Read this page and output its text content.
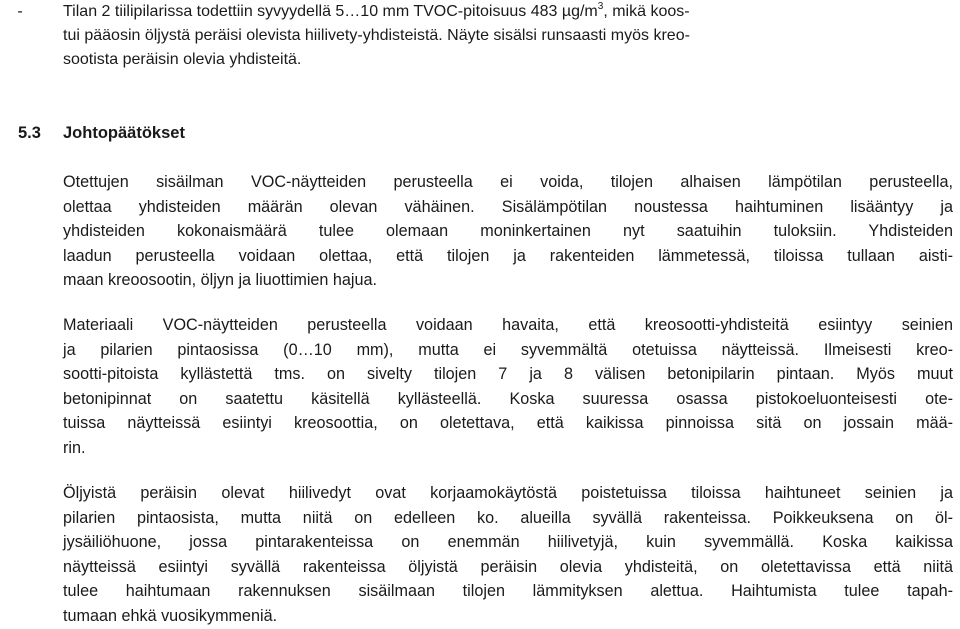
-	Tilan 2 tiilipilarissa todettiin syvyydellä 5…10 mm TVOC-pitoisuus 483 $\mu g/m^3$, mikä koos-
tui pääosin öljystä peräisi olevista hiilivety-yhdisteistä. Näyte sisälsi runsaasti myös kreo-
sootista peräisin olevia yhdisteitä.
5.3 Johtopäätökset
Otettujen sisäilman VOC-näytteiden perusteella ei voida, tilojen alhaisen lämpötilan perusteella,
olettaa yhdisteiden määrän olevan vähäinen. Sisälämpötilan noustessa haihtuminen lisääntyy ja
yhdisteiden kokonaismäärä tulee olemaan moninkertainen nyt saatuihin tuloksiin. Yhdisteiden
laadun perusteella voidaan olettaa, että tilojen ja rakenteiden lämmetessä, tiloissa tullaan aisti-
maan kreoosootin, öljyn ja liuottimien hajua.
Materiaali VOC-näytteiden perusteella voidaan havaita, että kreosootti-yhdisteitä esiintyy seinien
ja pilarien pintaosissa (0…10 mm), mutta ei syvemmältä otetuissa näytteissä. Ilmeisesti kreo-
sootti-pitoista kyllästettä tms. on sivelty tilojen 7 ja 8 välisen betonipilarin pintaan. Myös muut
betonipinnat on saatettu käsitellä kyllästeellä. Koska suuressa osassa pistokoeluonteisesti ote-
tuissa näytteissä esiintyi kreosoottia, on oletettava, että kaikissa pinnoissa sitä on jossain mää-
rin.
Öljyistä peräisin olevat hiilivedyt ovat korjaamokäytöstä poistetuissa tiloissa haihtuneet seinien ja
pilarien pintaosista, mutta niitä on edelleen ko. alueilla syvällä rakenteissa. Poikkeuksena on öl-
jysäiliöhuone, jossa pintarakenteissa on enemmän hiilivetyjä, kuin syvemmällä. Koska kaikissa
näytteissä esiintyi syvällä rakenteissa öljyistä peräisin olevia yhdisteitä, on oletettavissa että niitä
tulee haihtumaan rakennuksen sisäilmaan tilojen lämmityksen alettua. Haihtumista tulee tapah-
tumaan ehkä vuosikymmeniä.
